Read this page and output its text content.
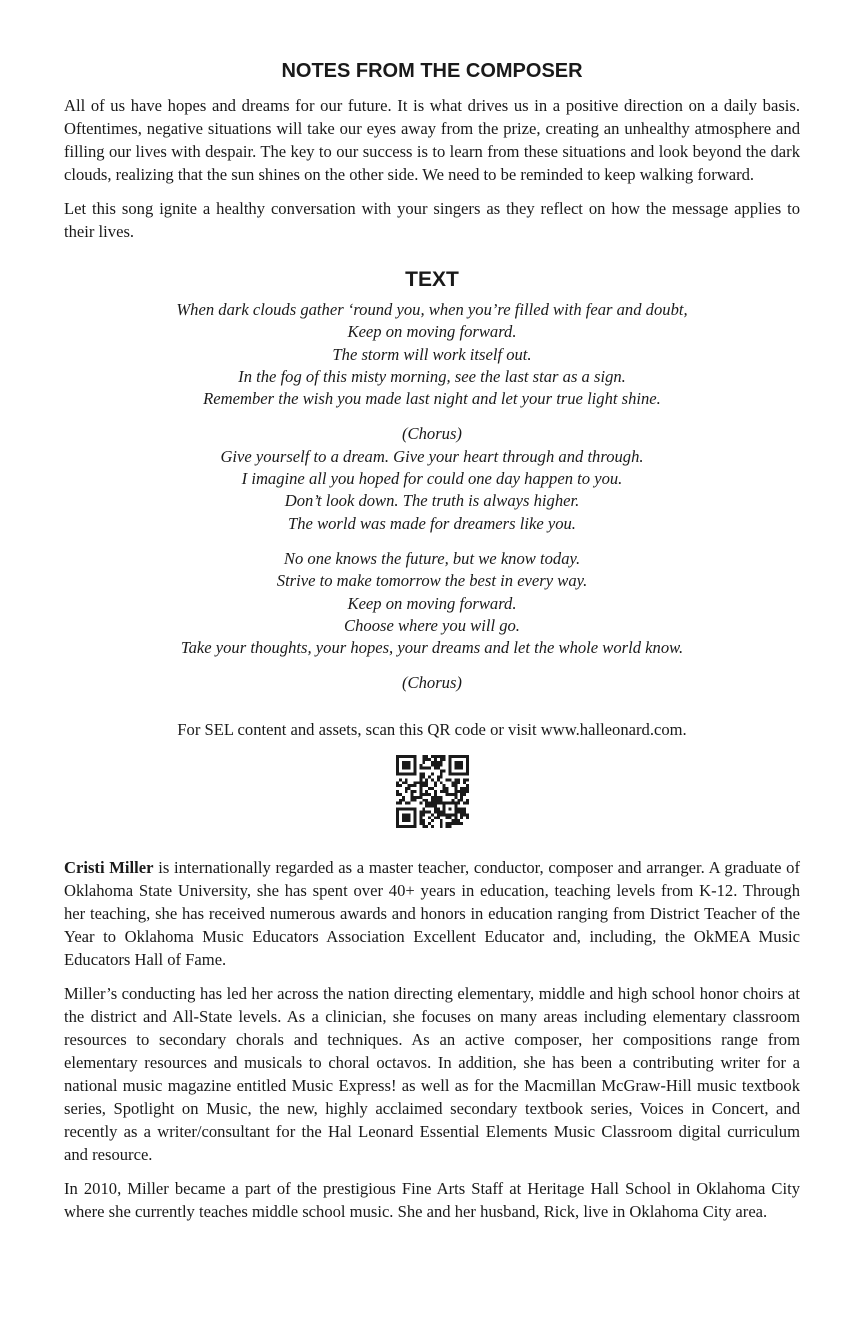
NOTES FROM THE COMPOSER

All of us have hopes and dreams for our future. It is what drives us in a positive direction on a daily basis. Oftentimes, negative situations will take our eyes away from the prize, creating an unhealthy atmosphere and filling our lives with despair. The key to our success is to learn from these situations and look beyond the dark clouds, realizing that the sun shines on the other side. We need to be reminded to keep walking forward.

Let this song ignite a healthy conversation with your singers as they reflect on how the message applies to their lives.

TEXT
When dark clouds gather ‘round you, when you’re filled with fear and doubt,
Keep on moving forward.
The storm will work itself out.
In the fog of this misty morning, see the last star as a sign.
Remember the wish you made last night and let your true light shine.
(Chorus)
Give yourself to a dream. Give your heart through and through.
I imagine all you hoped for could one day happen to you.
Don’t look down. The truth is always higher.
The world was made for dreamers like you.
No one knows the future, but we know today.
Strive to make tomorrow the best in every way.
Keep on moving forward.
Choose where you will go.
Take your thoughts, your hopes, your dreams and let the whole world know.
(Chorus)
For SEL content and assets, scan this QR code or visit www.halleonard.com.

Cristi Miller is internationally regarded as a master teacher, conductor, composer and arranger. A graduate of Oklahoma State University, she has spent over 40+ years in education, teaching levels from K-12. Through her teaching, she has received numerous awards and honors in education ranging from District Teacher of the Year to Oklahoma Music Educators Association Excellent Educator and, including, the OkMEA Music Educators Hall of Fame.

Miller’s conducting has led her across the nation directing elementary, middle and high school honor choirs at the district and All-State levels. As a clinician, she focuses on many areas including elementary classroom resources to secondary chorals and techniques. As an active composer, her compositions range from elementary resources and musicals to choral octavos. In addition, she has been a contributing writer for a national music magazine entitled Music Express! as well as for the Macmillan McGraw-Hill music textbook series, Spotlight on Music, the new, highly acclaimed secondary textbook series, Voices in Concert, and recently as a writer/consultant for the Hal Leonard Essential Elements Music Classroom digital curriculum and resource.

In 2010, Miller became a part of the prestigious Fine Arts Staff at Heritage Hall School in Oklahoma City where she currently teaches middle school music. She and her husband, Rick, live in Oklahoma City area.
